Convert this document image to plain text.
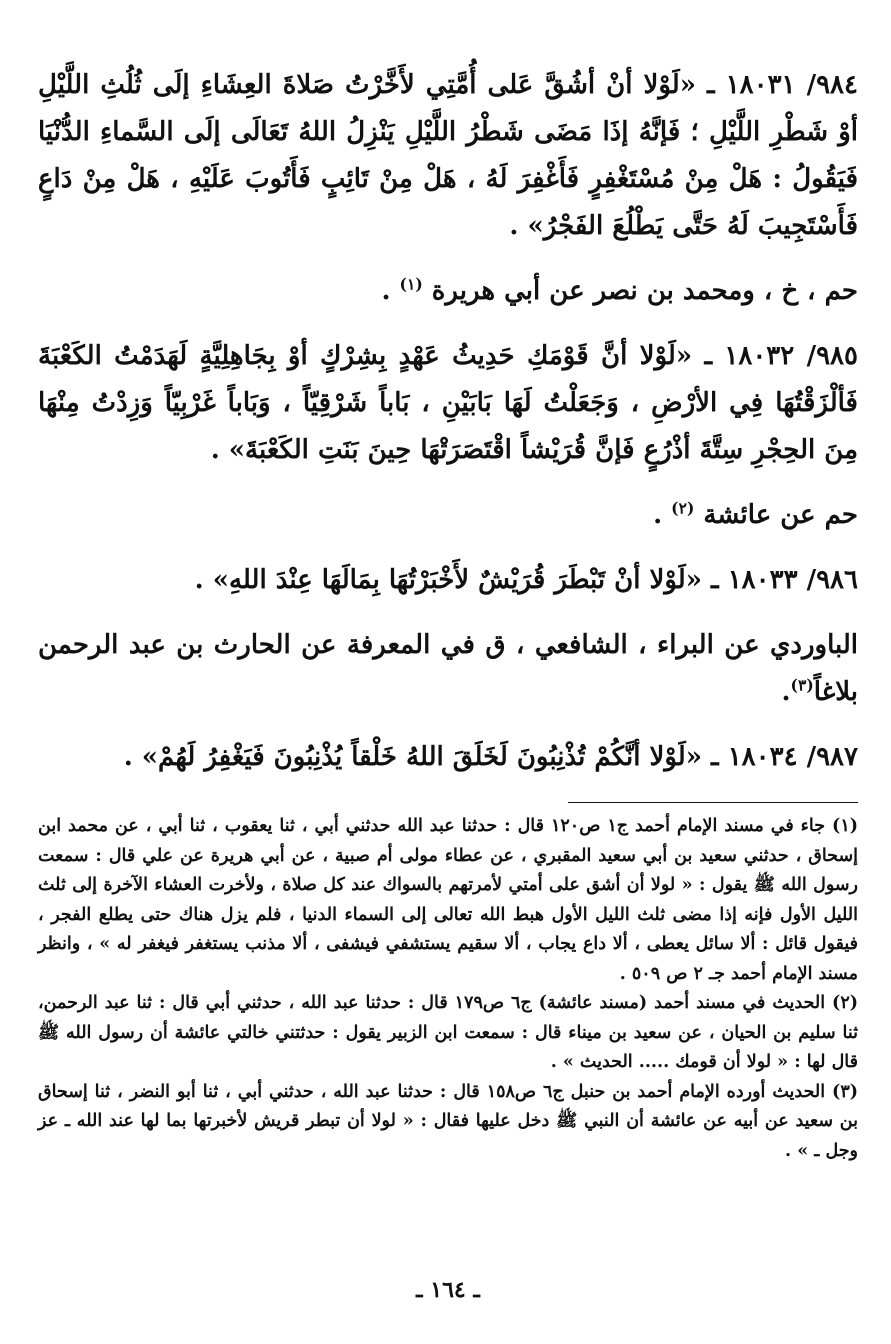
٩٨٤/ ١٨٠٣١ ـ «لَوْلا أنْ أشُقَّ عَلى أُمَّتِي لأَخَّرْتُ صَلاةَ العِشَاءِ إلَى ثُلُثِ اللَّيْلِ أوْ شَطْرِ اللَّيْلِ ؛ فَإنَّهُ إذَا مَضَى شَطْرُ اللَّيْلِ يَنْزِلُ اللهُ تَعَالَى إلَى السَّماءِ الدُّنْيَا فَيَقُولُ : هَلْ مِنْ مُسْتَغْفِرٍ فَأَغْفِرَ لَهُ ، هَلْ مِنْ تَائِبٍ فَأَتُوبَ عَلَيْهِ ، هَلْ مِنْ دَاعٍ فَأَسْتَجِيبَ لَهُ حَتَّى يَطْلُعَ الفَجْرُ» .

حم ، خ ، ومحمد بن نصر عن أبي هريرة $^{(١)}$ .

٩٨٥/ ١٨٠٣٢ ـ «لَوْلا أنَّ قَوْمَكِ حَدِيثُ عَهْدٍ بِشِرْكٍ أوْ بِجَاهِلِيَّةٍ لَهَدَمْتُ الكَعْبَةَ فَألْزَقْتُهَا فِي الأرْضِ ، وَجَعَلْتُ لَهَا بَابَيْنِ ، بَاباً شَرْقِيّاً ، وَبَاباً غَرْبِيّاً وَزِدْتُ مِنْهَا مِنَ الحِجْرِ سِتَّةَ أذْرُعٍ فَإنَّ قُرَيْشاً اقْتَصَرَتْهَا حِينَ بَنَتِ الكَعْبَةَ» .

حم عن عائشة $^{(٢)}$ .

٩٨٦/ ١٨٠٣٣ ـ «لَوْلا أنْ تَبْطَرَ قُرَيْشٌ لأَخْبَرْتُهَا بِمَالَهَا عِنْدَ اللهِ» .

الباوردي عن البراء ، الشافعي ، ق في المعرفة عن الحارث بن عبد الرحمن بلاغاً$^{(٣)}$.

٩٨٧/ ١٨٠٣٤ ـ «لَوْلا أنَّكُمْ تُذْنِبُونَ لَخَلَقَ اللهُ خَلْقاً يُذْنِبُونَ فَيَغْفِرُ لَهُمْ» .

(١) جاء في مسند الإمام أحمد ج١ ص١٢٠ قال : حدثنا عبد الله حدثني أبي ، ثنا يعقوب ، ثنا أبي ، عن محمد ابن إسحاق ، حدثني سعيد بن أبي سعيد المقبري ، عن عطاء مولى أم صبية ، عن أبي هريرة عن علي قال : سمعت رسول الله ﷺ يقول : « لولا أن أشق على أمتي لأمرتهم بالسواك عند كل صلاة ، ولأخرت العشاء الآخرة إلى ثلث الليل الأول فإنه إذا مضى ثلث الليل الأول هبط الله تعالى إلى السماء الدنيا ، فلم يزل هناك حتى يطلع الفجر ، فيقول قائل : ألا سائل يعطى ، ألا داع يجاب ، ألا سقيم يستشفي فيشفى ، ألا مذنب يستغفر فيغفر له » ، وانظر مسند الإمام أحمد جـ ٢ ص ٥٠٩ .

(٢) الحديث في مسند أحمد (مسند عائشة) ج٦ ص١٧٩ قال : حدثنا عبد الله ، حدثني أبي قال : ثنا عبد الرحمن، ثنا سليم بن الحيان ، عن سعيد بن ميناء قال : سمعت ابن الزبير يقول : حدثتني خالتي عائشة أن رسول الله ﷺ قال لها : « لولا أن قومك ..... الحديث » .

(٣) الحديث أورده الإمام أحمد بن حنبل ج٦ ص١٥٨ قال : حدثنا عبد الله ، حدثني أبي ، ثنا أبو النضر ، ثنا إسحاق بن سعيد عن أبيه عن عائشة أن النبي ﷺ دخل عليها فقال : « لولا أن تبطر قريش لأخبرتها بما لها عند الله ـ عز وجل ـ » .

ـ ١٦٤ ـ
